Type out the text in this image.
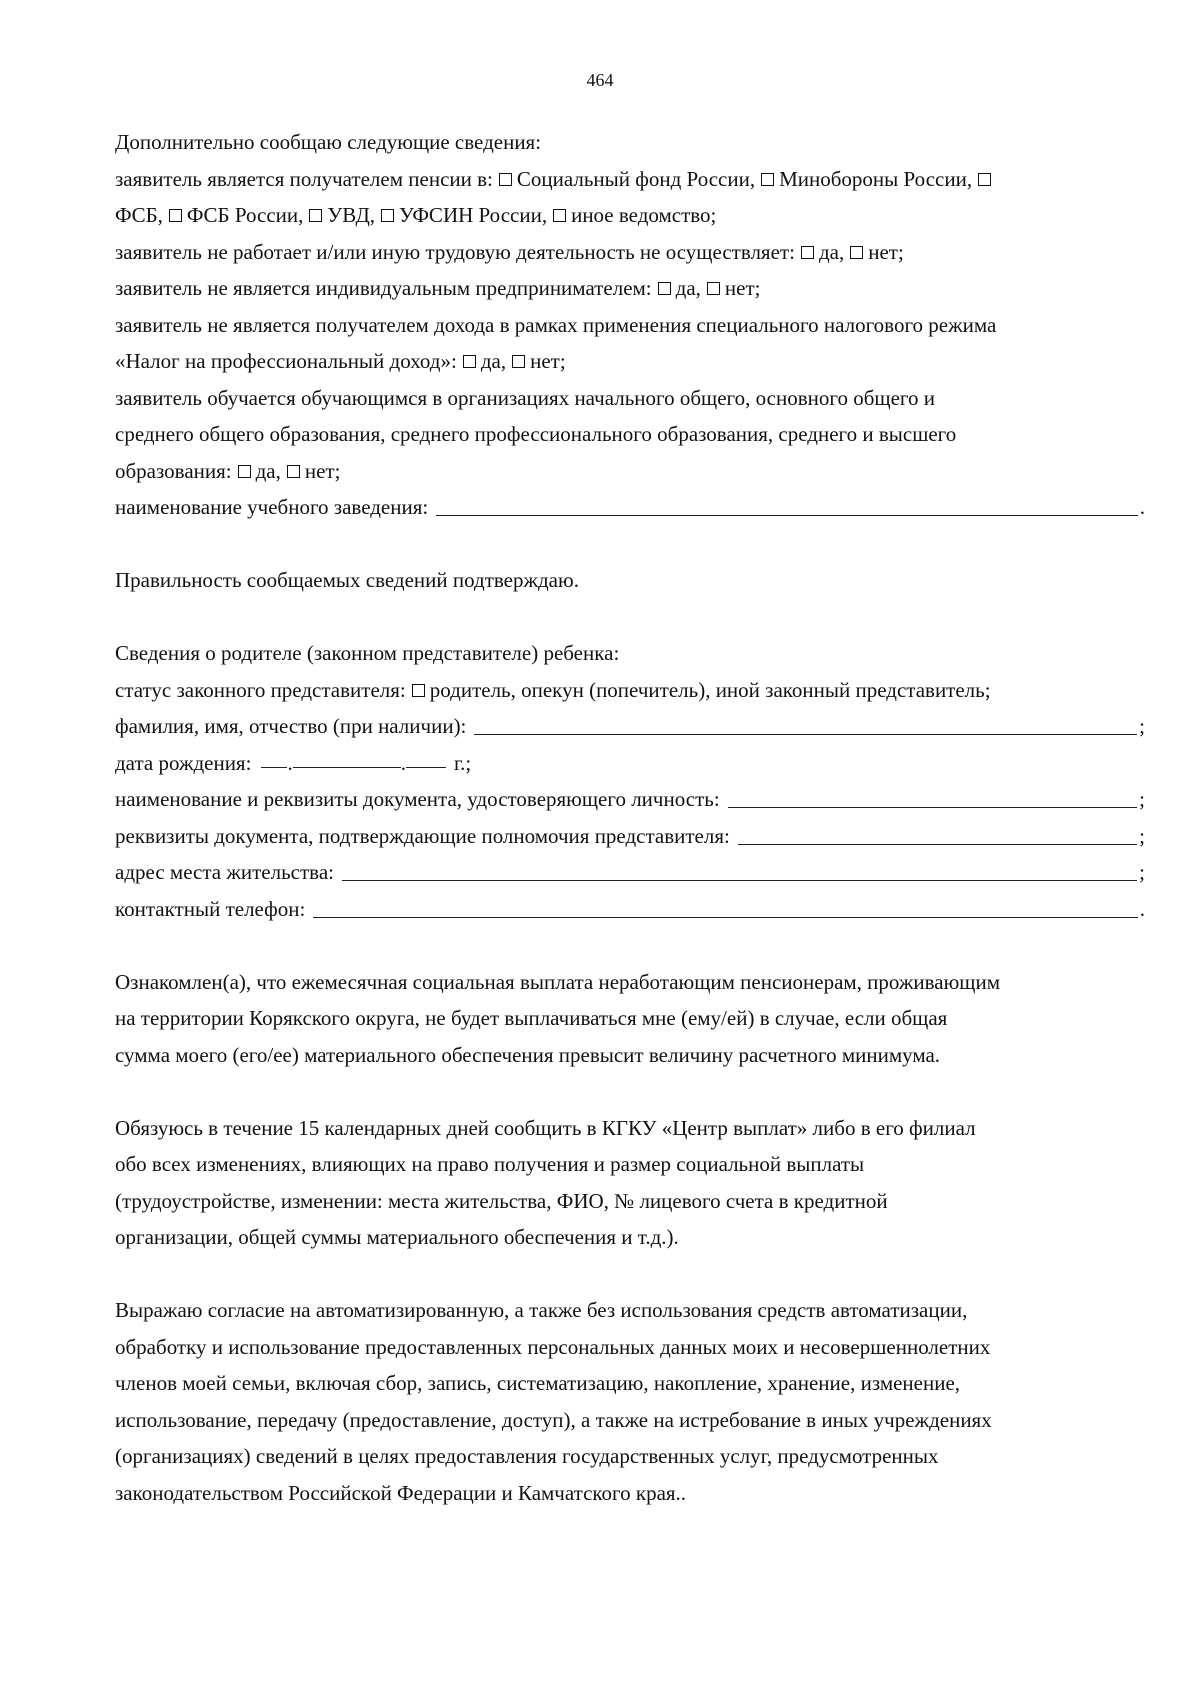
464
Дополнительно сообщаю следующие сведения:
заявитель является получателем пенсии в: Социальный фонд России, Минобороны России,
ФСБ, ФСБ России, УВД, УФСИН России, иное ведомство;
заявитель не работает и/или иную трудовую деятельность не осуществляет: да, нет;
заявитель не является индивидуальным предпринимателем: да, нет;
заявитель не является получателем дохода в рамках применения специального налогового режима
«Налог на профессиональный доход»: да, нет;
заявитель обучается обучающимся в организациях начального общего, основного общего и
среднего общего образования, среднего профессионального образования, среднего и высшего
образования: да, нет;
наименование учебного заведения:	.
Правильность сообщаемых сведений подтверждаю.
Сведения о родителе (законном представителе) ребенка:
статус законного представителя: родитель, опекун (попечитель), иной законный представитель;
фамилия, имя, отчество (при наличии):	;
дата рождения: .	. г.;
наименование и реквизиты документа, удостоверяющего личность:	;
реквизиты документа, подтверждающие полномочия представителя:	;
адрес места жительства:	;
контактный телефон:	.
Ознакомлен(а), что ежемесячная социальная выплата неработающим пенсионерам, проживающим
на территории Корякского округа, не будет выплачиваться мне (ему/ей) в случае, если общая
сумма моего (его/ее) материального обеспечения превысит величину расчетного минимума.
Обязуюсь в течение 15 календарных дней сообщить в КГКУ «Центр выплат» либо в его филиал
обо всех изменениях, влияющих на право получения и размер социальной выплаты
(трудоустройстве, изменении: места жительства, ФИО, № лицевого счета в кредитной
организации, общей суммы материального обеспечения и т.д.).
Выражаю согласие на автоматизированную, а также без использования средств автоматизации,
обработку и использование предоставленных персональных данных моих и несовершеннолетних
членов моей семьи, включая сбор, запись, систематизацию, накопление, хранение, изменение,
использование, передачу (предоставление, доступ), а также на истребование в иных учреждениях
(организациях) сведений в целях предоставления государственных услуг, предусмотренных
законодательством Российской Федерации и Камчатского края..
